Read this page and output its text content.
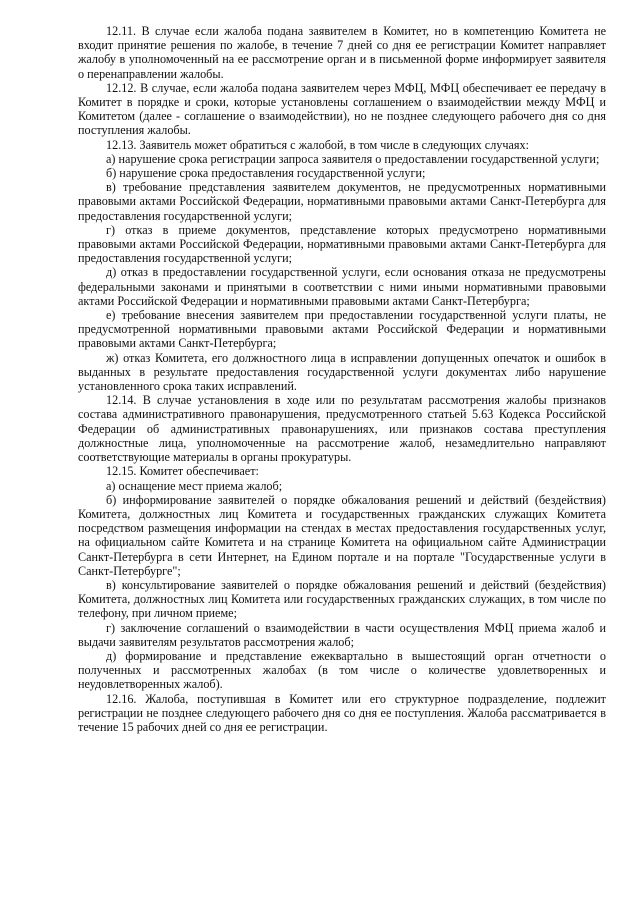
12.11. В случае если жалоба подана заявителем в Комитет, но в компетенцию Комитета не входит принятие решения по жалобе, в течение 7 дней со дня ее регистрации Комитет направляет жалобу в уполномоченный на ее рассмотрение орган и в письменной форме информирует заявителя о перенаправлении жалобы.

12.12. В случае, если жалоба подана заявителем через МФЦ, МФЦ обеспечивает ее передачу в Комитет в порядке и сроки, которые установлены соглашением о взаимодействии между МФЦ и Комитетом (далее - соглашение о взаимодействии), но не позднее следующего рабочего дня со дня поступления жалобы.

12.13. Заявитель может обратиться с жалобой, в том числе в следующих случаях:

а) нарушение срока регистрации запроса заявителя о предоставлении государственной услуги;

б) нарушение срока предоставления государственной услуги;

в) требование представления заявителем документов, не предусмотренных нормативными правовыми актами Российской Федерации, нормативными правовыми актами Санкт-Петербурга для предоставления государственной услуги;

г) отказ в приеме документов, представление которых предусмотрено нормативными правовыми актами Российской Федерации, нормативными правовыми актами Санкт-Петербурга для предоставления государственной услуги;

д) отказ в предоставлении государственной услуги, если основания отказа не предусмотрены федеральными законами и принятыми в соответствии с ними иными нормативными правовыми актами Российской Федерации и нормативными правовыми актами Санкт-Петербурга;

е) требование внесения заявителем при предоставлении государственной услуги платы, не предусмотренной нормативными правовыми актами Российской Федерации и нормативными правовыми актами Санкт-Петербурга;

ж) отказ Комитета, его должностного лица в исправлении допущенных опечаток и ошибок в выданных в результате предоставления государственной услуги документах либо нарушение установленного срока таких исправлений.

12.14. В случае установления в ходе или по результатам рассмотрения жалобы признаков состава административного правонарушения, предусмотренного статьей 5.63 Кодекса Российской Федерации об административных правонарушениях, или признаков состава преступления должностные лица, уполномоченные на рассмотрение жалоб, незамедлительно направляют соответствующие материалы в органы прокуратуры.

12.15. Комитет обеспечивает:

а) оснащение мест приема жалоб;

б) информирование заявителей о порядке обжалования решений и действий (бездействия) Комитета, должностных лиц Комитета и государственных гражданских служащих Комитета посредством размещения информации на стендах в местах предоставления государственных услуг, на официальном сайте Комитета и на странице Комитета на официальном сайте Администрации Санкт-Петербурга в сети Интернет, на Едином портале и на портале "Государственные услуги в Санкт-Петербурге";

в) консультирование заявителей о порядке обжалования решений и действий (бездействия) Комитета, должностных лиц Комитета или государственных гражданских служащих, в том числе по телефону, при личном приеме;

г) заключение соглашений о взаимодействии в части осуществления МФЦ приема жалоб и выдачи заявителям результатов рассмотрения жалоб;

д) формирование и представление ежеквартально в вышестоящий орган отчетности о полученных и рассмотренных жалобах (в том числе о количестве удовлетворенных и неудовлетворенных жалоб).

12.16. Жалоба, поступившая в Комитет или его структурное подразделение, подлежит регистрации не позднее следующего рабочего дня со дня ее поступления. Жалоба рассматривается в течение 15 рабочих дней со дня ее регистрации.
